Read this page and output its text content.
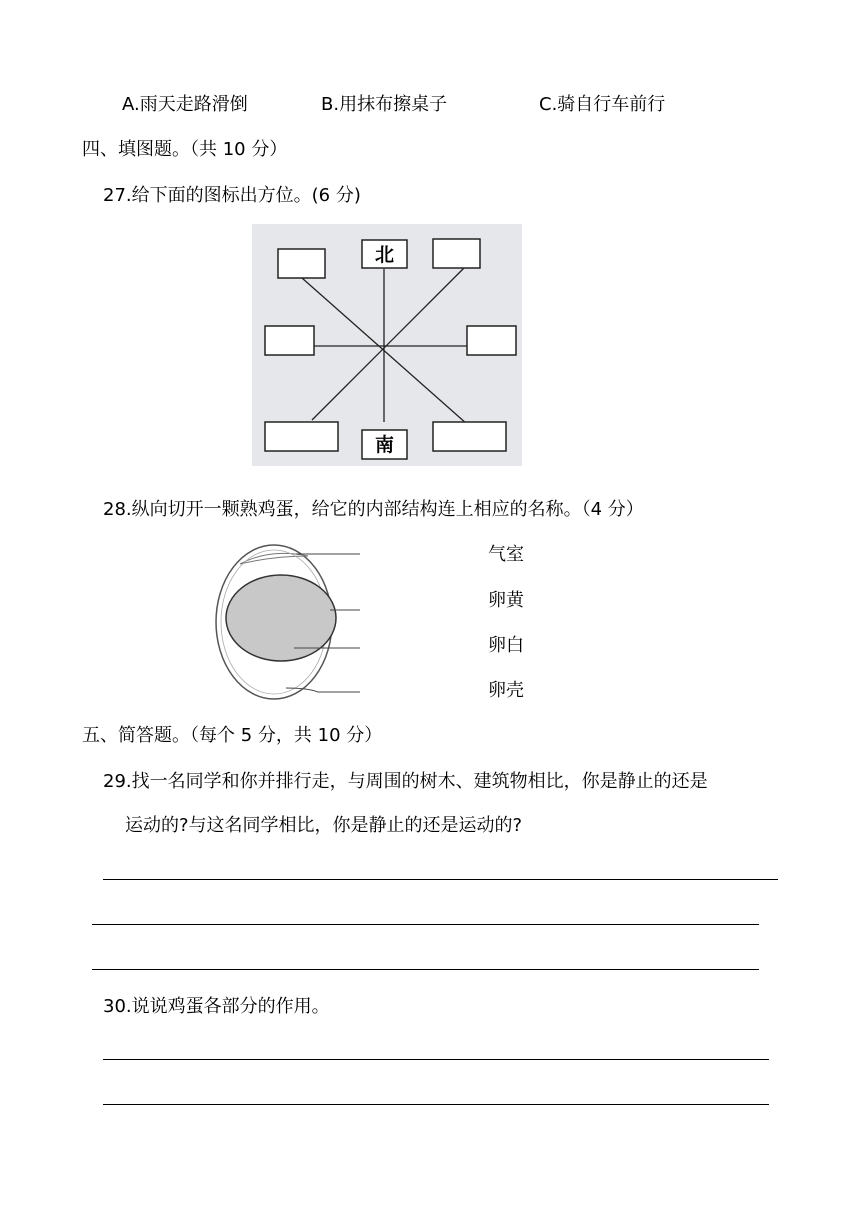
A.雨天走路滑倒	B.用抹布擦桌子	C.骑自行车前行
四、填图题。（共 10 分）
27.给下面的图标出方位。(6 分)
北
南
28.纵向切开一颗熟鸡蛋，给它的内部结构连上相应的名称。（4 分）
气室
卵黄
卵白
卵壳
五、简答题。（每个 5 分，共 10 分）
29.找一名同学和你并排行走，与周围的树木、建筑物相比，你是静止的还是
运动的?与这名同学相比，你是静止的还是运动的?
30.说说鸡蛋各部分的作用。
